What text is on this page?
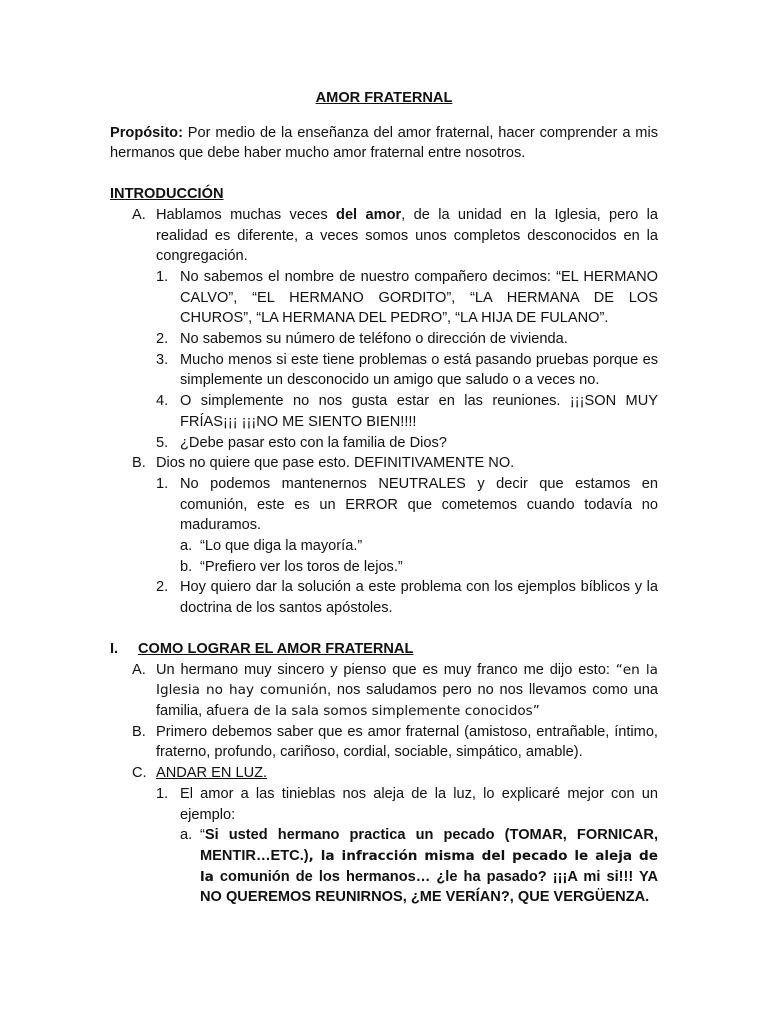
AMOR FRATERNAL

Propósito: Por medio de la enseñanza del amor fraternal, hacer comprender a mis hermanos que debe haber mucho amor fraternal entre nosotros.

INTRODUCCIÓN
A. Hablamos muchas veces del amor, de la unidad en la Iglesia, pero la realidad es diferente, a veces somos unos completos desconocidos en la congregación.
1. No sabemos el nombre de nuestro compañero decimos: “EL HERMANO CALVO”, “EL HERMANO GORDITO”, “LA HERMANA DE LOS CHUROS”, “LA HERMANA DEL PEDRO”, “LA HIJA DE FULANO”.
2. No sabemos su número de teléfono o dirección de vivienda.
3. Mucho menos si este tiene problemas o está pasando pruebas porque es simplemente un desconocido un amigo que saludo o a veces no.
4. O simplemente no nos gusta estar en las reuniones. ¡¡¡SON MUY FRÍAS¡¡¡ ¡¡¡NO ME SIENTO BIEN!!!!
5. ¿Debe pasar esto con la familia de Dios?
B. Dios no quiere que pase esto. DEFINITIVAMENTE NO.
1. No podemos mantenernos NEUTRALES y decir que estamos en comunión, este es un ERROR que cometemos cuando todavía no maduramos.
a. “Lo que diga la mayoría.”
b. “Prefiero ver los toros de lejos.”
2. Hoy quiero dar la solución a este problema con los ejemplos bíblicos y la doctrina de los santos apóstoles.
I.	COMO LOGRAR EL AMOR FRATERNAL
A. Un hermano muy sincero y pienso que es muy franco me dijo esto: “en la Iglesia no hay comunión, nos saludamos pero no nos llevamos como una familia, afuera de la sala somos simplemente conocidos”
B. Primero debemos saber que es amor fraternal (amistoso, entrañable, íntimo, fraterno, profundo, cariñoso, cordial, sociable, simpático, amable).
C. ANDAR EN LUZ.
1. El amor a las tinieblas nos aleja de la luz, lo explicaré mejor con un ejemplo:
a. “Si usted hermano practica un pecado (TOMAR, FORNICAR, MENTIR…ETC.), la infracción misma del pecado le aleja de la comunión de los hermanos… ¿le ha pasado? ¡¡¡A mi si!!! YA NO QUEREMOS REUNIRNOS, ¿ME VERÍAN?, QUE VERGÜENZA.
